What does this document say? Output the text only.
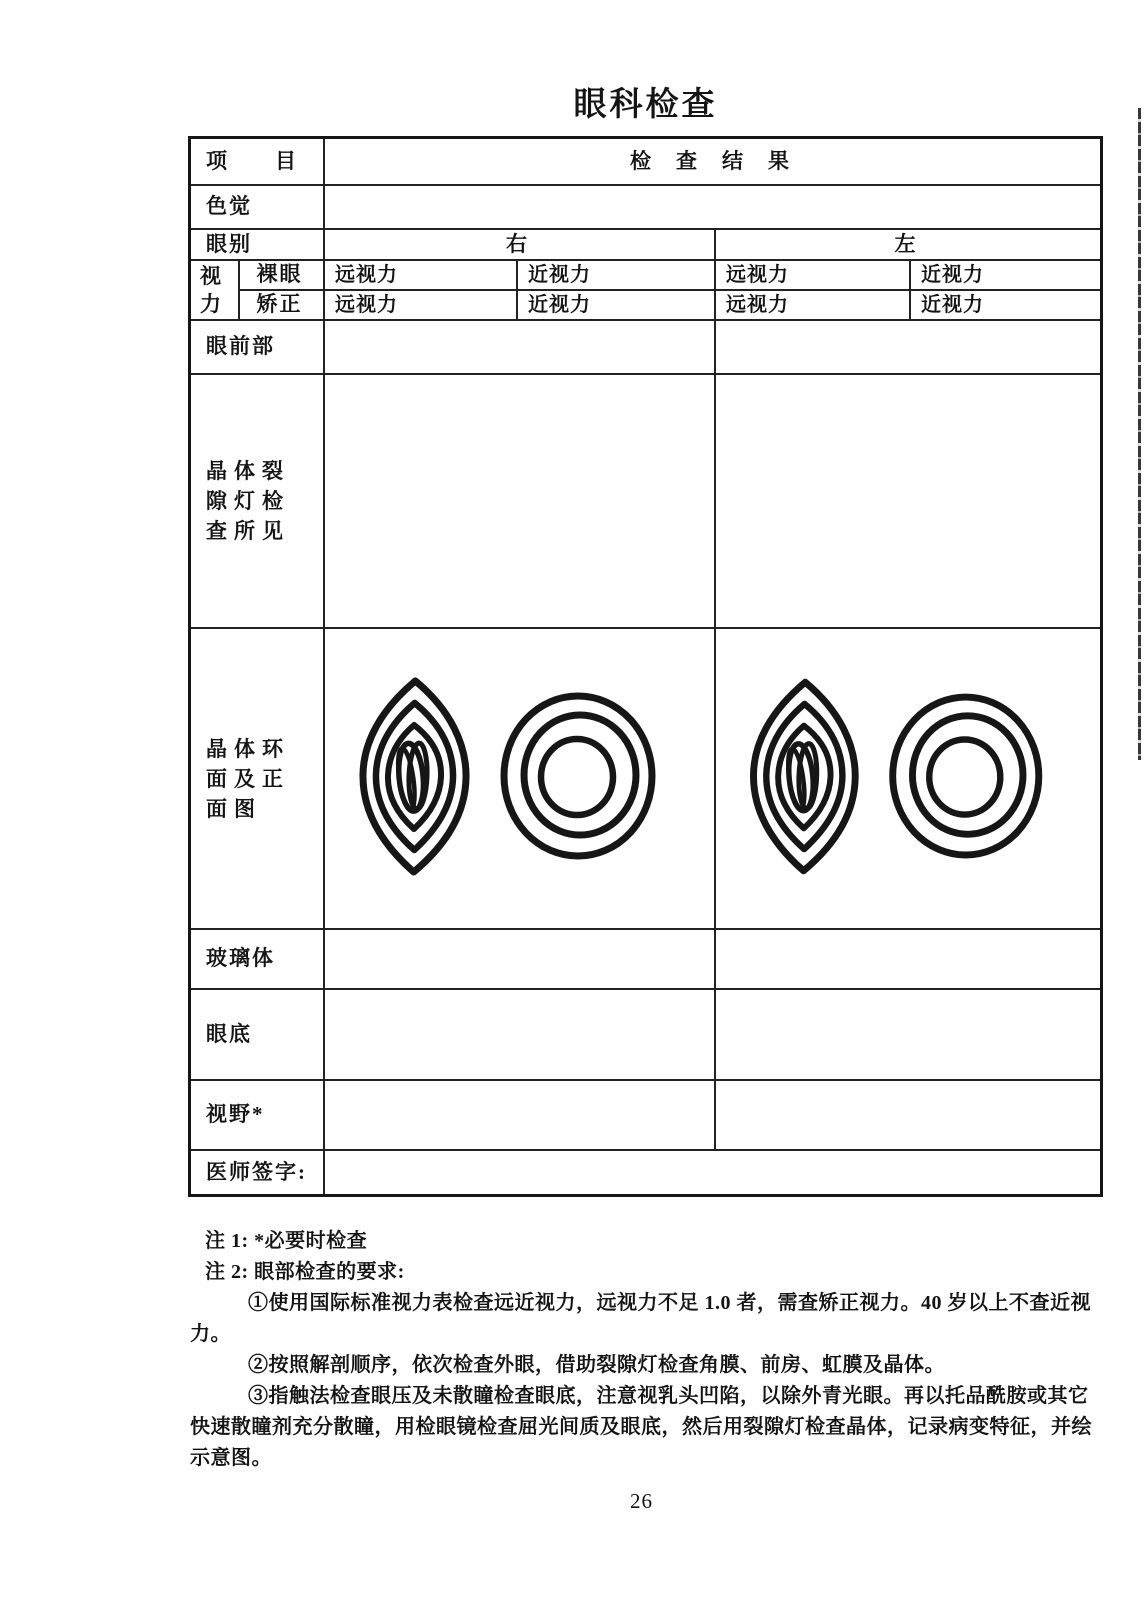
眼科检查
项　　目	检　查　结　果
色觉
眼别	右	左
视
力
裸眼	远视力	近视力	远视力	近视力
矫正	远视力	近视力	远视力	近视力
眼前部
晶体裂隙灯检查所见
晶体环面及正面图
玻璃体
眼底
视野*
医师签字:

注 1: *必要时检查

注 2: 眼部检查的要求:

①使用国际标准视力表检查远近视力，远视力不足 1.0 者，需查矫正视力。40 岁以上不查近视力。

②按照解剖顺序，依次检查外眼，借助裂隙灯检查角膜、前房、虹膜及晶体。

③指触法检查眼压及未散瞳检查眼底，注意视乳头凹陷，以除外青光眼。再以托品酰胺或其它快速散瞳剂充分散瞳，用检眼镜检查屈光间质及眼底，然后用裂隙灯检查晶体，记录病变特征，并绘示意图。

26
